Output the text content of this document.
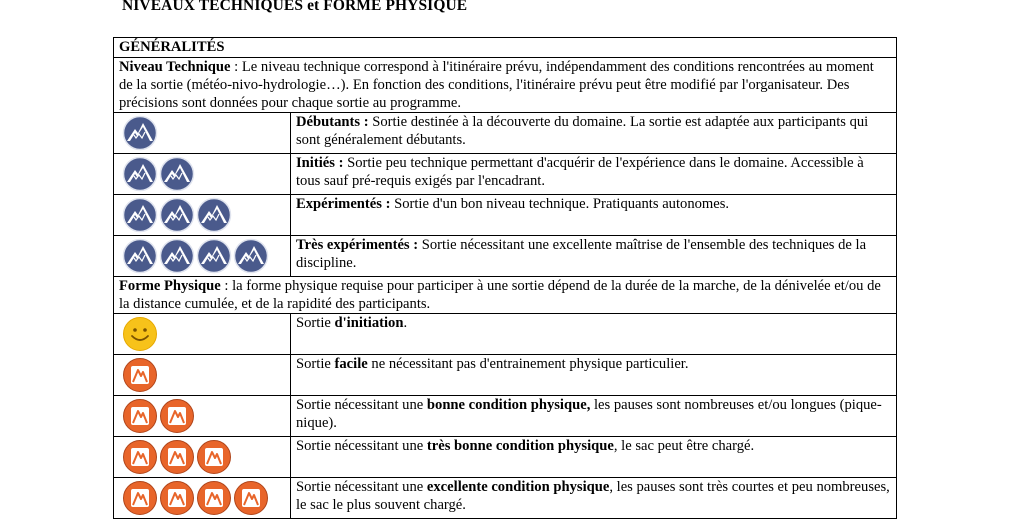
NIVEAUX TECHNIQUES et FORME PHYSIQUE
GÉNÉRALITÉS	
Niveau Technique : Le niveau technique correspond à l'itinéraire prévu, indépendamment des conditions rencontrées au moment de la sortie (météo-nivo-hydrologie…). En fonction des conditions, l'itinéraire prévu peut être modifié par l'organisateur. Des précisions sont données pour chaque sortie au programme.	

	Débutants : Sortie destinée à la découverte du domaine. La sortie est adaptée aux participants qui sont généralement débutants.

	Initiés : Sortie peu technique permettant d'acquérir de l'expérience dans le domaine. Accessible à tous sauf pré-requis exigés par l'encadrant.

	Expérimentés : Sortie d'un bon niveau technique. Pratiquants autonomes.

	Très expérimentés : Sortie nécessitant une excellente maîtrise de l'ensemble des techniques de la discipline.
Forme Physique : la forme physique requise pour participer à une sortie dépend de la durée de la marche, de la dénivelée et/ou de la distance cumulée, et de la rapidité des participants.	

	Sortie d'initiation.

	Sortie facile ne nécessitant pas d'entrainement physique particulier.

	Sortie nécessitant une bonne condition physique, les pauses sont nombreuses et/ou longues (pique-nique).

	Sortie nécessitant une très bonne condition physique, le sac peut être chargé.

	Sortie nécessitant une excellente condition physique, les pauses sont très courtes et peu nombreuses, le sac le plus souvent chargé.
